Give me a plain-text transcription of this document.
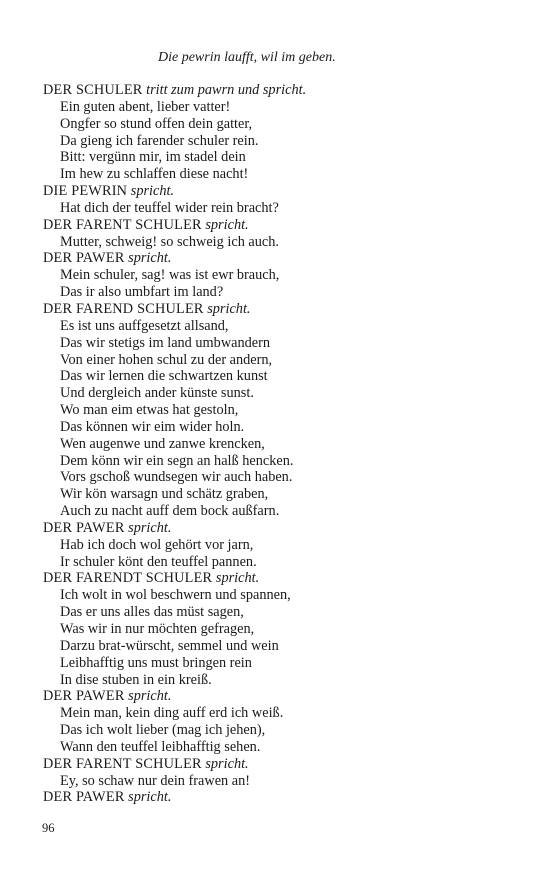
Die pewrin laufft, wil im geben.
DER SCHULER tritt zum pawrn und spricht.
Ein guten abent, lieber vatter!
Ongfer so stund offen dein gatter,
Da gieng ich farender schuler rein.
Bitt: vergünn mir, im stadel dein
Im hew zu schlaffen diese nacht!
DIE PEWRIN spricht.
Hat dich der teuffel wider rein bracht?
DER FARENT SCHULER spricht.
Mutter, schweig! so schweig ich auch.
DER PAWER spricht.
Mein schuler, sag! was ist ewr brauch,
Das ir also umbfart im land?
DER FAREND SCHULER spricht.
Es ist uns auffgesetzt allsand,
Das wir stetigs im land umbwandern
Von einer hohen schul zu der andern,
Das wir lernen die schwartzen kunst
Und dergleich ander künste sunst.
Wo man eim etwas hat gestoln,
Das können wir eim wider holn.
Wen augenwe und zanwe krencken,
Dem könn wir ein segn an halß hencken.
Vors gschoß wundsegen wir auch haben.
Wir kön warsagn und schätz graben,
Auch zu nacht auff dem bock außfarn.
DER PAWER spricht.
Hab ich doch wol gehört vor jarn,
Ir schuler könt den teuffel pannen.
DER FARENDT SCHULER spricht.
Ich wolt in wol beschwern und spannen,
Das er uns alles das müst sagen,
Was wir in nur möchten gefragen,
Darzu brat-würscht, semmel und wein
Leibhafftig uns must bringen rein
In dise stuben in ein kreiß.
DER PAWER spricht.
Mein man, kein ding auff erd ich weiß.
Das ich wolt lieber (mag ich jehen),
Wann den teuffel leibhafftig sehen.
DER FARENT SCHULER spricht.
Ey, so schaw nur dein frawen an!
DER PAWER spricht.
96
